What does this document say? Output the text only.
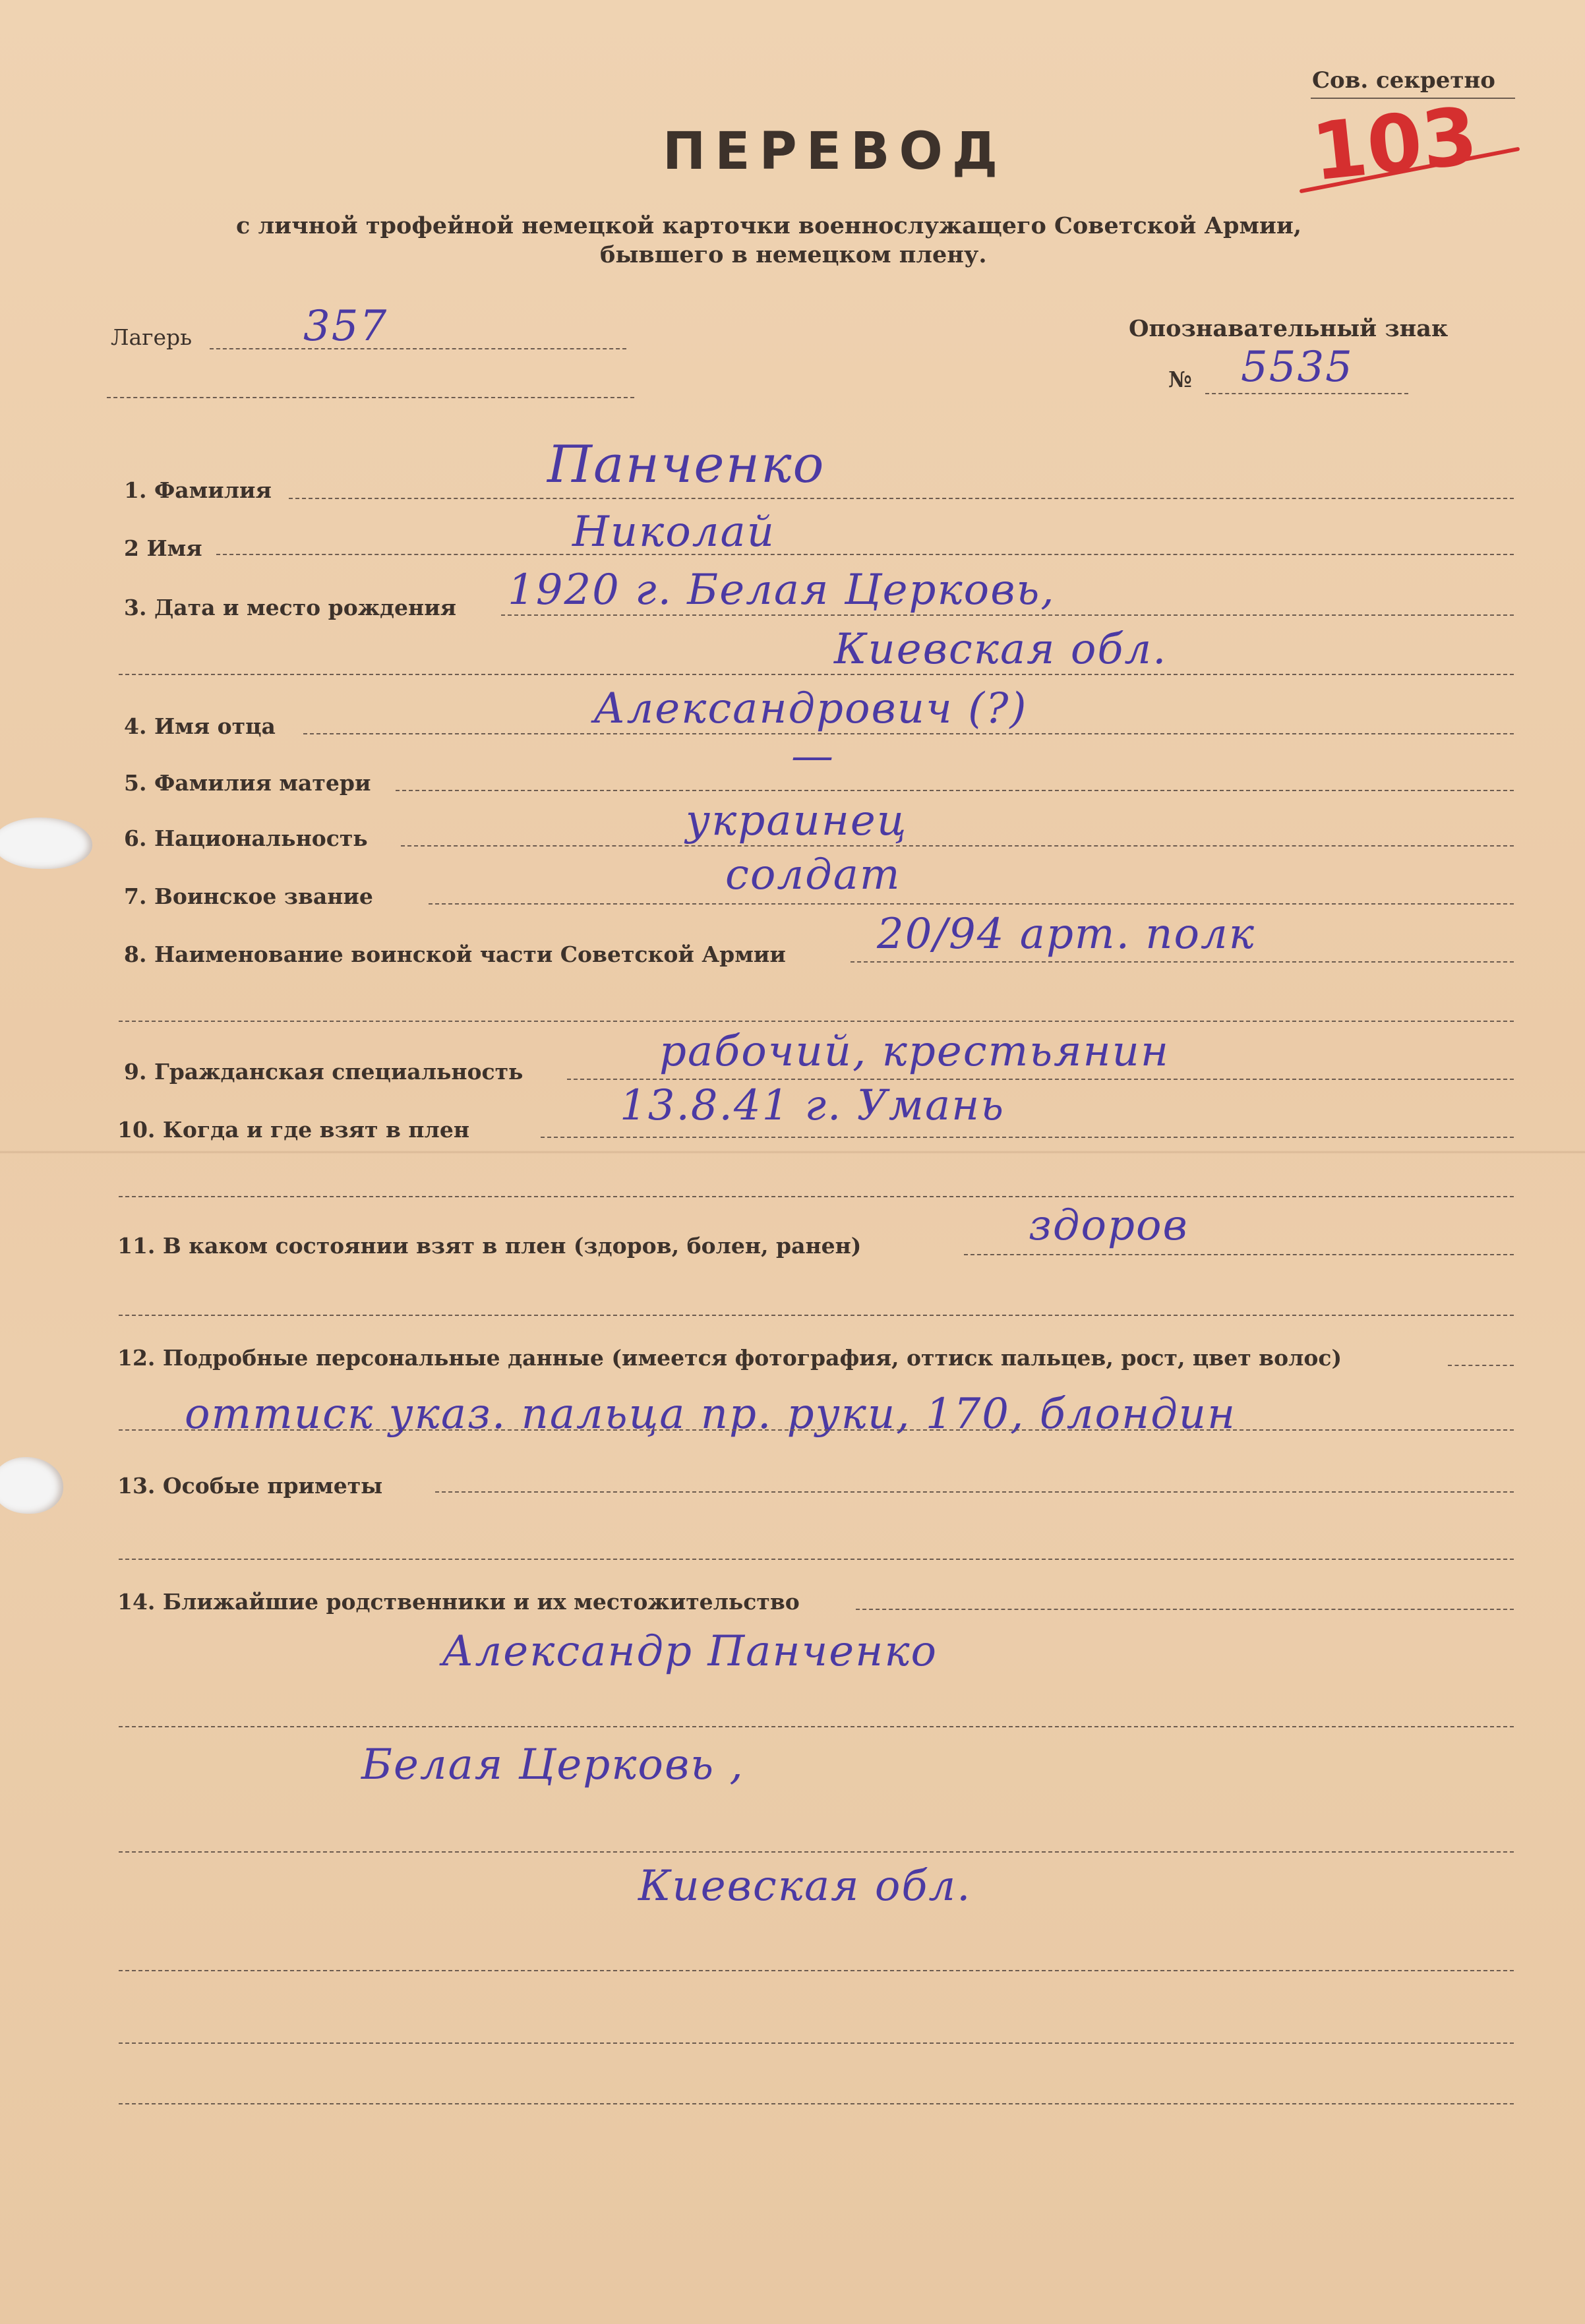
Сов. секретно
103
ПЕРЕВОД
с личной трофейной немецкой карточки военнослужащего Советской Армии,
бывшего в немецком плену.
Лагерь	357	Опознавательный знак
№ 5535
1. Фамилия	Панченко
2 Имя	Николай
3. Дата и место рождения 1920 г. Белая Церковь,
Киевская обл.
4. Имя отца	Александрович (?)
5. Фамилия матери
—
6. Национальность	украинец
7. Воинское звание	солдат
8. Наименование воинской части Советской Армии 20/94 арт. полк
9. Гражданская специальность	рабочий, крестьянин
10. Когда и где взят в плен	13.8.41 г. Умань
11. В каком состоянии взят в плен (здоров, болен, ранен)	здоров
12. Подробные персональные данные (имеется фотография, оттиск пальцев, рост, цвет волос)
оттиск указ. пальца пр. руки, 170, блондин
13. Особые приметы
14. Ближайшие родственники и их местожительство
Александр Панченко
Белая Церковь ,
Киевская обл.
